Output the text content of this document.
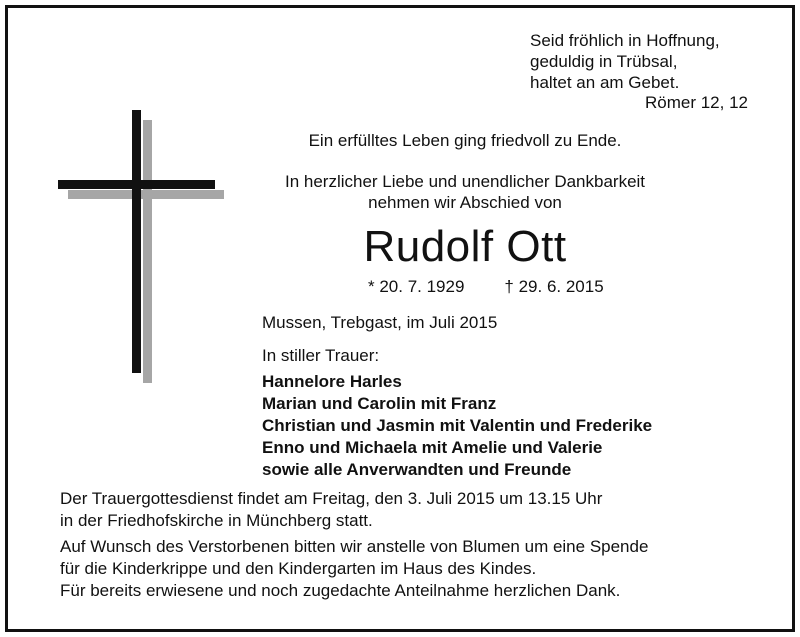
Seid fröhlich in Hoffnung,
geduldig in Trübsal,
haltet an am Gebet.
Römer 12, 12
Ein erfülltes Leben ging friedvoll zu Ende.
In herzlicher Liebe und unendlicher Dankbarkeit
nehmen wir Abschied von
Rudolf Ott
* 20. 7. 1929 † 29. 6. 2015
Mussen, Trebgast, im Juli 2015
In stiller Trauer:
Hannelore Harles
Marian und Carolin mit Franz
Christian und Jasmin mit Valentin und Frederike
Enno und Michaela mit Amelie und Valerie
sowie alle Anverwandten und Freunde
Der Trauergottesdienst findet am Freitag, den 3. Juli 2015 um 13.15 Uhr
in der Friedhofskirche in Münchberg statt.
Auf Wunsch des Verstorbenen bitten wir anstelle von Blumen um eine Spende
für die Kinderkrippe und den Kindergarten im Haus des Kindes.
Für bereits erwiesene und noch zugedachte Anteilnahme herzlichen Dank.
